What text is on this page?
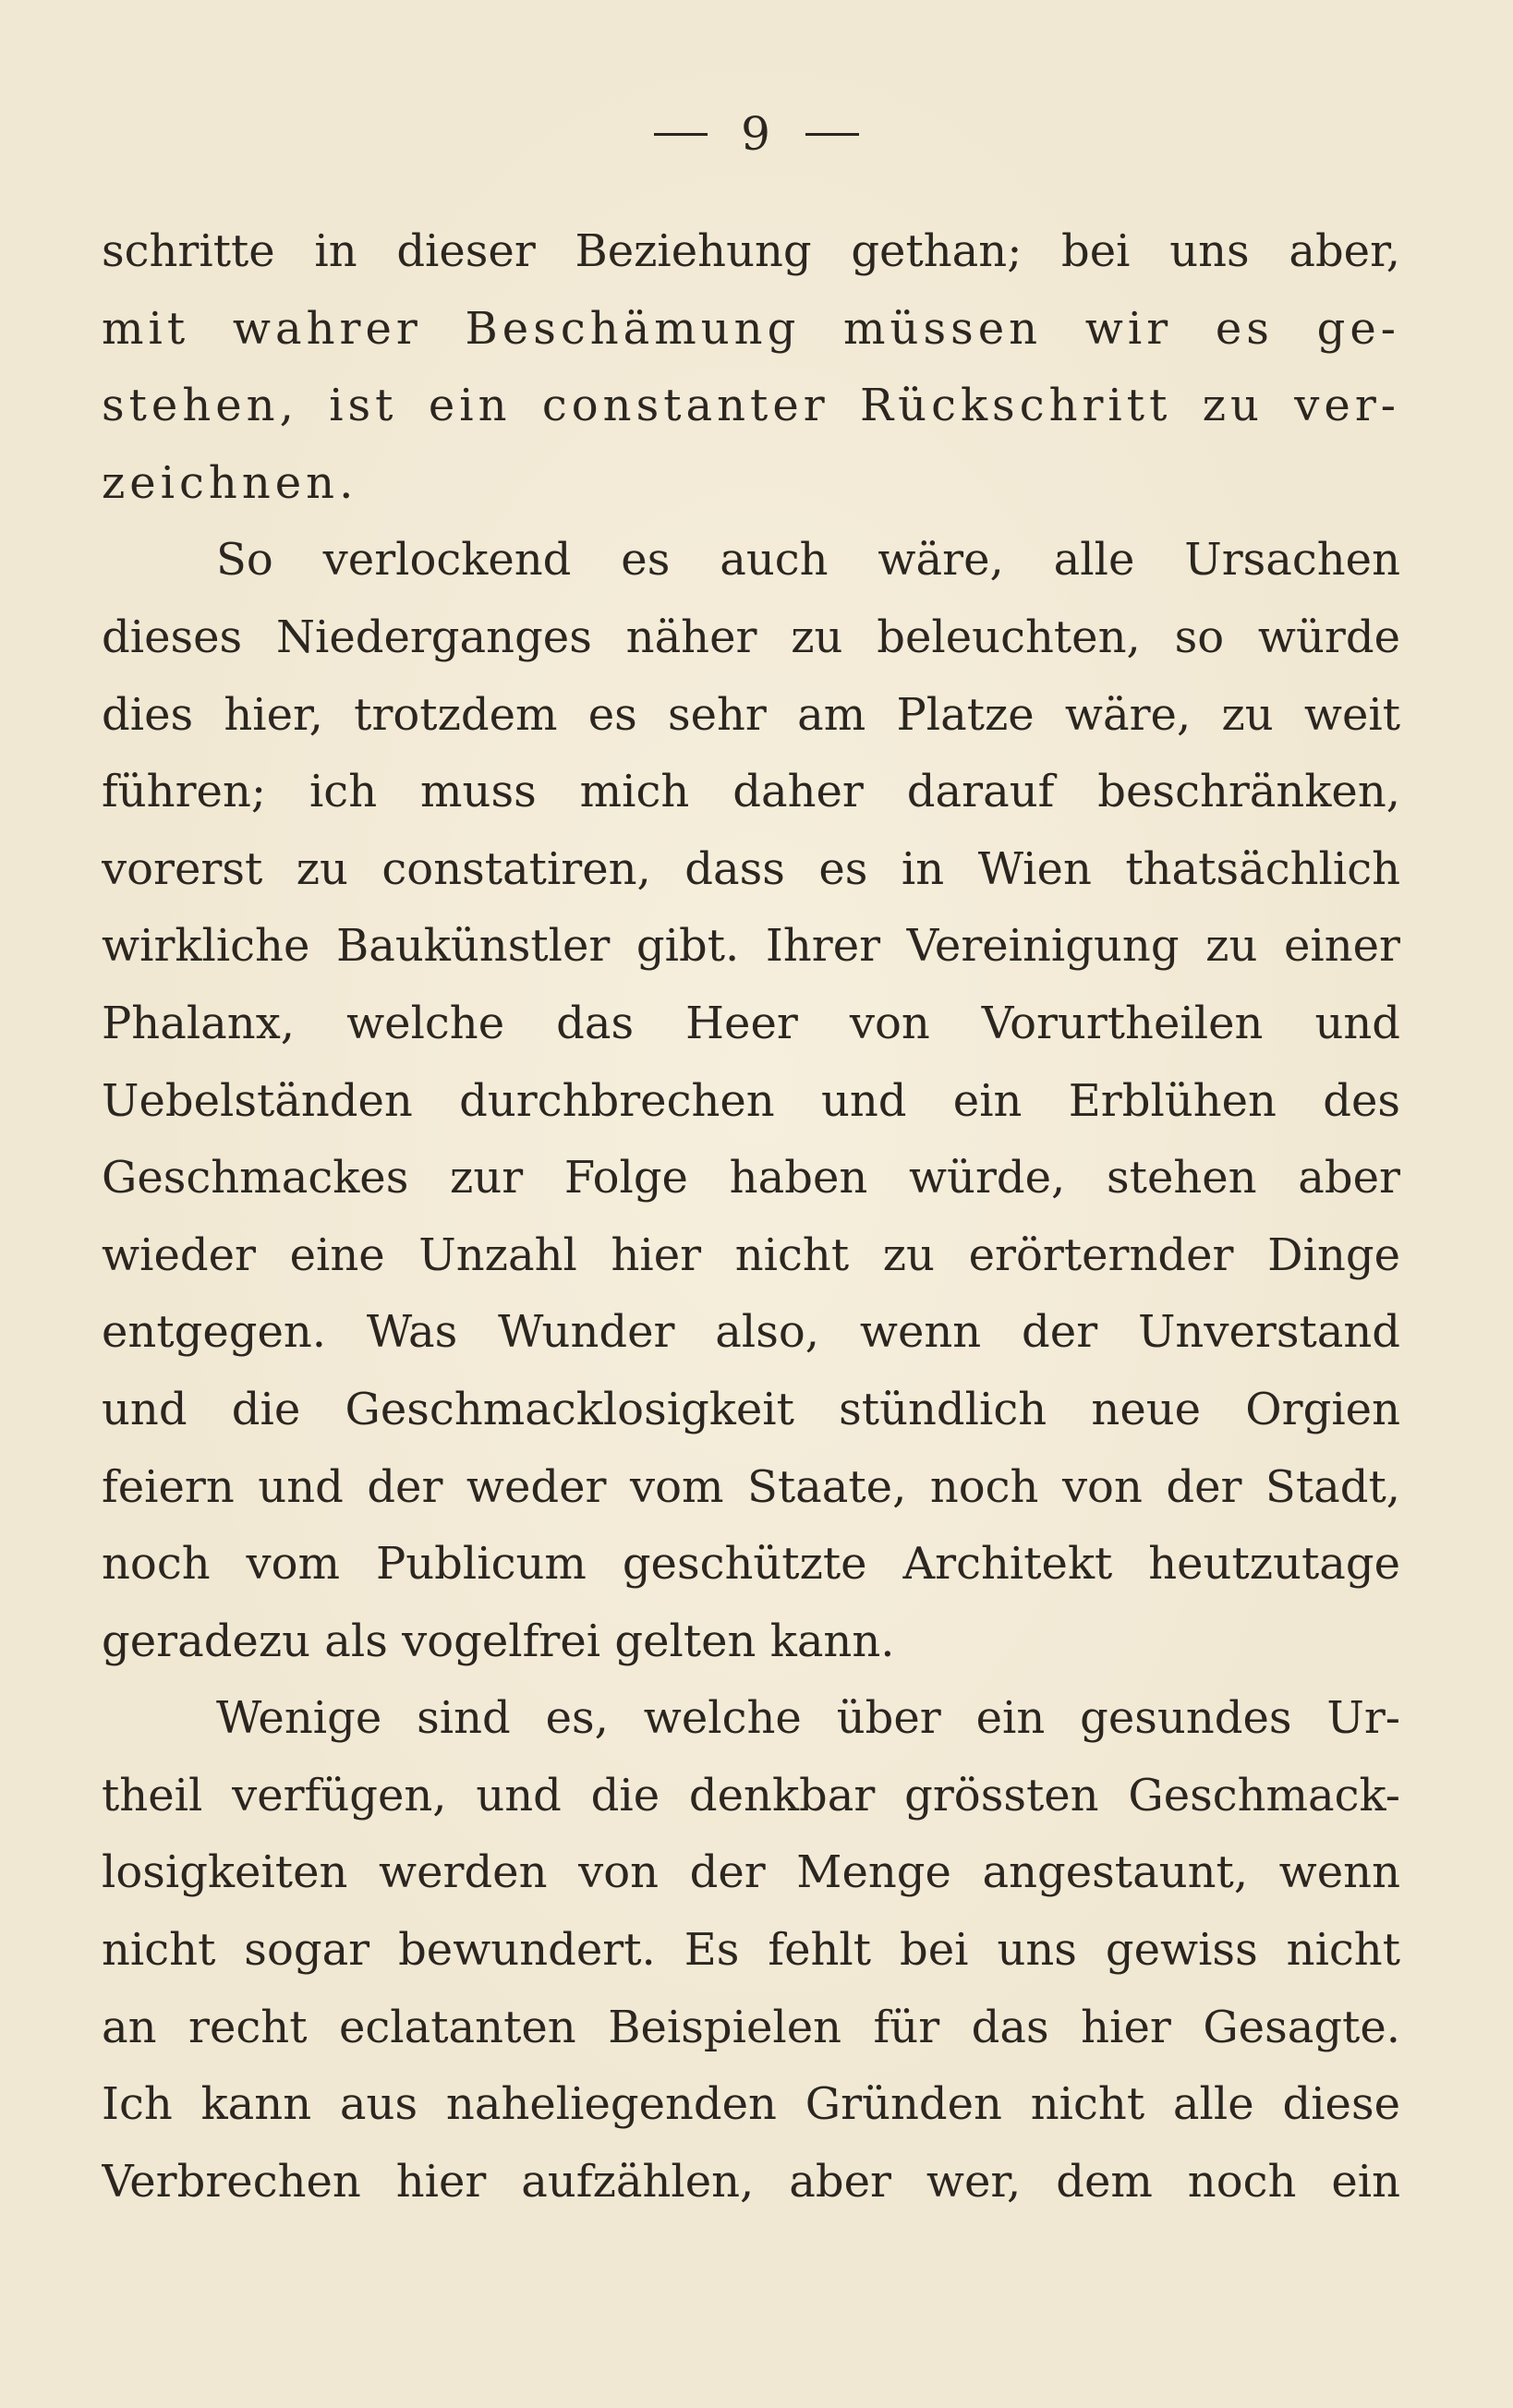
9
schritte in dieser Beziehung gethan; bei uns aber,
mit wahrer Beschämung müssen wir es ge-
stehen, ist ein constanter Rückschritt zu ver-
zeichnen.
So verlockend es auch wäre, alle Ursachen
dieses Niederganges näher zu beleuchten, so würde
dies hier, trotzdem es sehr am Platze wäre, zu weit
führen; ich muss mich daher darauf beschränken,
vorerst zu constatiren, dass es in Wien thatsächlich
wirkliche Baukünstler gibt. Ihrer Vereinigung zu einer
Phalanx, welche das Heer von Vorurtheilen und
Uebelständen durchbrechen und ein Erblühen des
Geschmackes zur Folge haben würde, stehen aber
wieder eine Unzahl hier nicht zu erörternder Dinge
entgegen. Was Wunder also, wenn der Unverstand
und die Geschmacklosigkeit stündlich neue Orgien
feiern und der weder vom Staate, noch von der Stadt,
noch vom Publicum geschützte Architekt heutzutage
geradezu als vogelfrei gelten kann.
Wenige sind es, welche über ein gesundes Ur-
theil verfügen, und die denkbar grössten Geschmack-
losigkeiten werden von der Menge angestaunt, wenn
nicht sogar bewundert. Es fehlt bei uns gewiss nicht
an recht eclatanten Beispielen für das hier Gesagte.
Ich kann aus naheliegenden Gründen nicht alle diese
Verbrechen hier aufzählen, aber wer, dem noch ein
